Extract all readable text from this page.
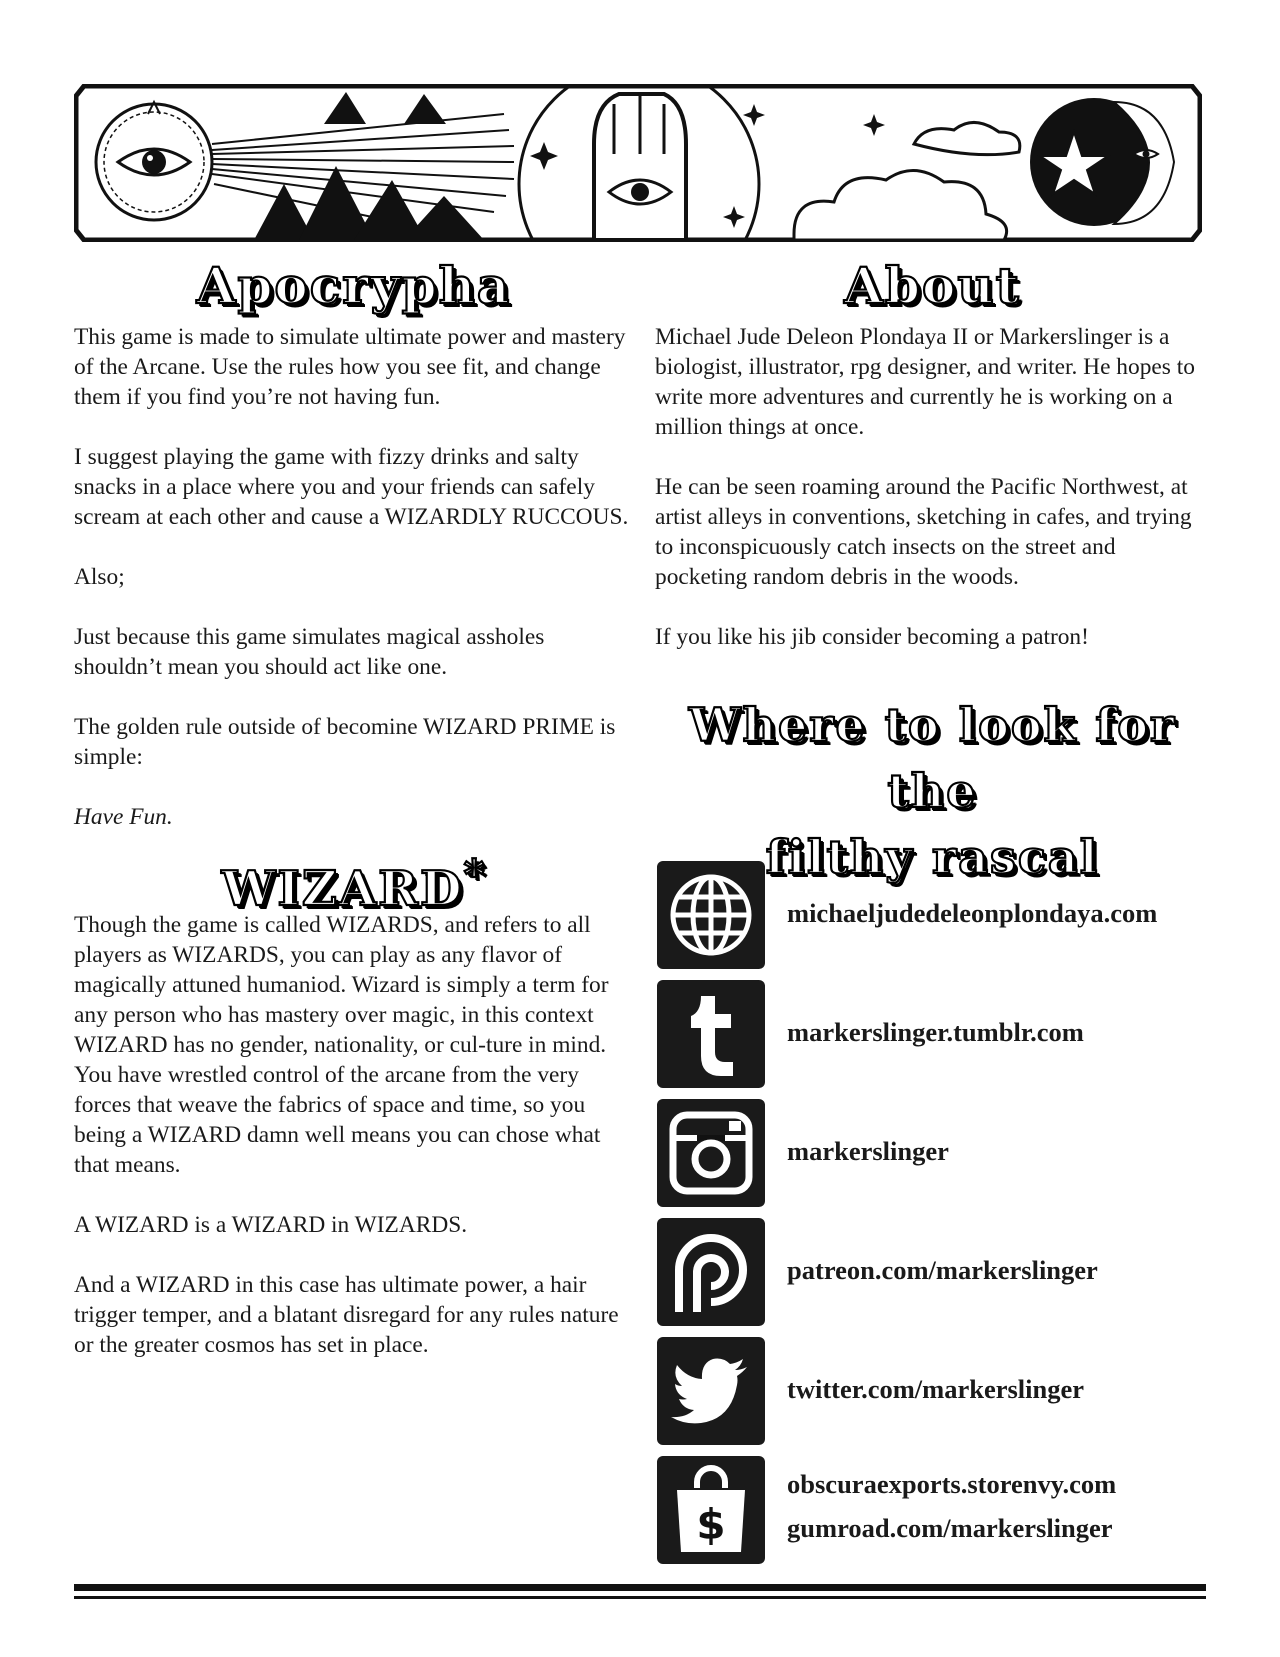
Apocrypha

This game is made to simulate ultimate power and mastery of the Arcane. Use the rules how you see fit, and change them if you find you’re not having fun.

I suggest playing the game with fizzy drinks and salty snacks in a place where you and your friends can safely scream at each other and cause a WIZARDLY RUCCOUS.

Also;

Just because this game simulates magical assholes shouldn’t mean you should act like one.

The golden rule outside of becomine WIZARD PRIME is simple:

Have Fun.

WIZARD*

Though the game is called WIZARDS, and refers to all players as WIZARDS, you can play as any flavor of magically attuned humaniod. Wizard is simply a term for any person who has mastery over magic, in this context WIZARD has no gender, nationality, or cul-ture in mind. You have wrestled control of the arcane from the very forces that weave the fabrics of space and time, so you being a WIZARD damn well means you can chose what that means.

A WIZARD is a WIZARD in WIZARDS.

And a WIZARD in this case has ultimate power, a hair trigger temper, and a blatant disregard for any rules nature or the greater cosmos has set in place.

About

Michael Jude Deleon Plondaya II or Markerslinger is a biologist, illustrator, rpg designer, and writer. He hopes to write more adventures and currently he is working on a million things at once.

He can be seen roaming around the Pacific Northwest, at artist alleys in conventions, sketching in cafes, and trying to inconspicuously catch insects on the street and pocketing random debris in the woods.

If you like his jib consider becoming a patron!

Where to look for the
filthy rascal
michaeljudedeleonplondaya.com
markerslinger.tumblr.com
markerslinger
patreon.com/markerslinger
twitter.com/markerslinger
$
obscuraexports.storenvy.com
gumroad.com/markerslinger
